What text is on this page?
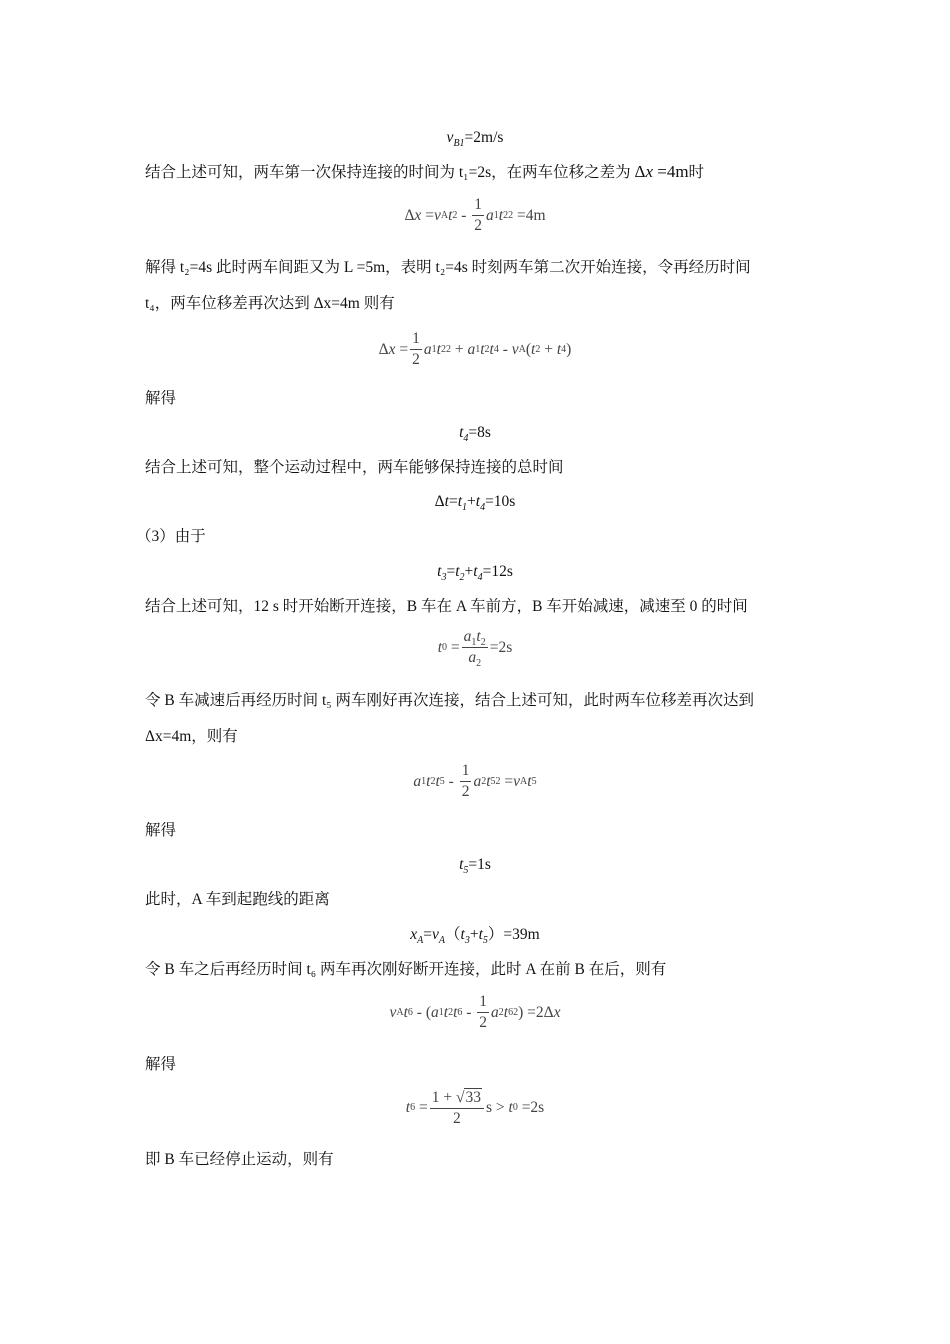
$v_{B1}=2m/s$
结合上述可知，两车第一次保持连接的时间为 t₁=2s，在两车位移之差为 Δx =4m时
Δ x = v A t $2 - \frac{1}{2}$ a 1 t 2 2 =4m
解得 t₂=4s 此时两车间距又为 L =5m，表明 t₂=4s 时刻两车第二次开始连接，令再经历时间
t₄，两车位移差再次达到 Δx=4m 则有
Δ $x = \frac{1}{2}$ a 1 t 2 2 + a 1 t 2 t 4 - v A ( t 2 + t 4 )
解得
$t_4=8s$
结合上述可知，整个运动过程中，两车能够保持连接的总时间
$\Delta t=t_1+t_4=10s$
（3）由于
$t_3=t_2+t_4=12s$
结合上述可知，12 s 时开始断开连接，B 车在 A 车前方，B 车开始减速，减速至 0 的时间
t $0 = \frac{a_1t_2}{a_2} =2s$
令 B 车减速后再经历时间 t₅ 两车刚好再次连接，结合上述可知，此时两车位移差再次达到
Δx=4m，则有
a 1 t 2 t $5 - \frac{1}{2}$ a 2 t 5 2 = v A t 5
解得
$t_5=1s$
此时，A 车到起跑线的距离
$x_A=v_A(t_3+t_5)=39m$
令 B 车之后再经历时间 t₆ 两车再次刚好断开连接，此时 A 在前 B 在后，则有
v A t 6 - ( a 1 t 2 t $6 - \frac{1}{2}$ a 2 t 6 2 ) =2Δ x
解得
t $6 = \frac{1 + √33}{2}$ s > t 0 =2s
即 B 车已经停止运动，则有
